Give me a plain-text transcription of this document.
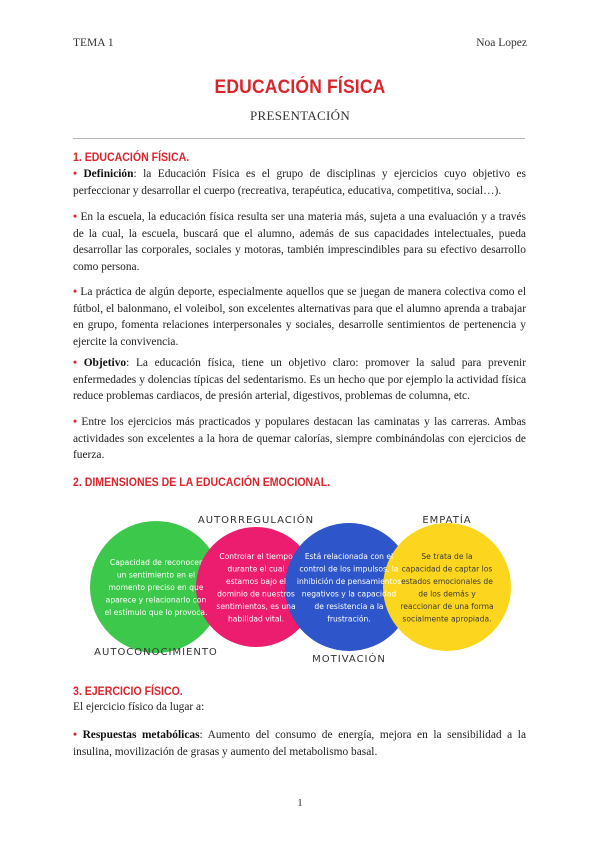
TEMA 1	Noa Lopez
EDUCACIÓN FÍSICA
PRESENTACIÓN
1. EDUCACIÓN FÍSICA.
• Definición: la Educación Física es el grupo de disciplinas y ejercicios cuyo objetivo es perfeccionar y desarrollar el cuerpo (recreativa, terapéutica, educativa, competitiva, social…).
• En la escuela, la educación física resulta ser una materia más, sujeta a una evaluación y a través de la cual, la escuela, buscará que el alumno, además de sus capacidades intelectuales, pueda desarrollar las corporales, sociales y motoras, también imprescindibles para su efectivo desarrollo como persona.
• La práctica de algún deporte, especialmente aquellos que se juegan de manera colectiva como el fútbol, el balonmano, el voleibol, son excelentes alternativas para que el alumno aprenda a trabajar en grupo, fomenta relaciones interpersonales y sociales, desarrolle sentimientos de pertenencia y ejercite la convivencia.
• Objetivo: La educación física, tiene un objetivo claro: promover la salud para prevenir enfermedades y dolencias típicas del sedentarismo. Es un hecho que por ejemplo la actividad física reduce problemas cardiacos, de presión arterial, digestivos, problemas de columna, etc.
• Entre los ejercicios más practicados y populares destacan las caminatas y las carreras. Ambas actividades son excelentes a la hora de quemar calorías, siempre combinándolas con ejercicios de fuerza.
2. DIMENSIONES DE LA EDUCACIÓN EMOCIONAL.
Capacidad de reconocer un sentimiento en el momento preciso en que aparece y relacionarlo con el estímulo que lo provoca.
Controlar el tiempo durante el cual estamos bajo el dominio de nuestros sentimientos, es una habilidad vital.
Está relacionada con el control de los impulsos, la inhibición de pensamientos negativos y la capacidad de resistencia a la frustración.
Se trata de la capacidad de captar los estados emocionales de de los demás y reaccionar de una forma socialmente apropiada.
AUTORREGULACIÓN	EMPATÍA
AUTOCONOCIMIENTO
MOTIVACIÓN
3. EJERCICIO FÍSICO.
El ejercicio físico da lugar a:
• Respuestas metabólicas: Aumento del consumo de energía, mejora en la sensibilidad a la insulina, movilización de grasas y aumento del metabolismo basal.
1
